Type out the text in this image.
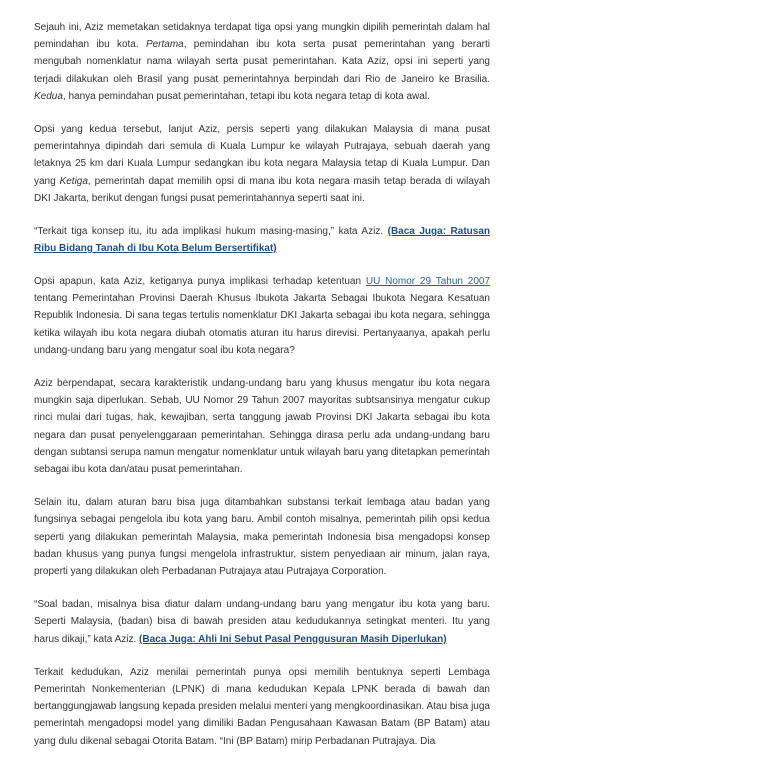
Sejauh ini, Aziz memetakan setidaknya terdapat tiga opsi yang mungkin dipilih pemerintah dalam hal pemindahan ibu kota. Pertama, pemindahan ibu kota serta pusat pemerintahan yang berarti mengubah nomenklatur nama wilayah serta pusat pemerintahan. Kata Aziz, opsi ini seperti yang terjadi dilakukan oleh Brasil yang pusat pemerintahnya berpindah dari Rio de Janeiro ke Brasilia. Kedua, hanya pemindahan pusat pemerintahan, tetapi ibu kota negara tetap di kota awal.

Opsi yang kedua tersebut, lanjut Aziz, persis seperti yang dilakukan Malaysia di mana pusat pemerintahnya dipindah dari semula di Kuala Lumpur ke wilayah Putrajaya, sebuah daerah yang letaknya 25 km dari Kuala Lumpur sedangkan ibu kota negara Malaysia tetap di Kuala Lumpur. Dan yang Ketiga, pemerintah dapat memilih opsi di mana ibu kota negara masih tetap berada di wilayah DKI Jakarta, berikut dengan fungsi pusat pemerintahannya seperti saat ini.

“Terkait tiga konsep itu, itu ada implikasi hukum masing-masing,” kata Aziz. (Baca Juga: Ratusan Ribu Bidang Tanah di Ibu Kota Belum Bersertifikat)

Opsi apapun, kata Aziz, ketiganya punya implikasi terhadap ketentuan UU Nomor 29 Tahun 2007 tentang Pemerintahan Provinsi Daerah Khusus Ibukota Jakarta Sebagai Ibukota Negara Kesatuan Republik Indonesia. Di sana tegas tertulis nomenklatur DKI Jakarta sebagai ibu kota negara, sehingga ketika wilayah ibu kota negara diubah otomatis aturan itu harus direvisi. Pertanyaanya, apakah perlu undang-undang baru yang mengatur soal ibu kota negara?

Aziz berpendapat, secara karakteristik undang-undang baru yang khusus mengatur ibu kota negara mungkin saja diperlukan. Sebab, UU Nomor 29 Tahun 2007 mayoritas subtsansinya mengatur cukup rinci mulai dari tugas, hak, kewajiban, serta tanggung jawab Provinsi DKI Jakarta sebagai ibu kota negara dan pusat penyelenggaraan pemerintahan. Sehingga dirasa perlu ada undang-undang baru dengan subtansi serupa namun mengatur nomenklatur untuk wilayah baru yang ditetapkan pemerintah sebagai ibu kota dan/atau pusat pemerintahan.

Selain itu, dalam aturan baru bisa juga ditambahkan substansi terkait lembaga atau badan yang fungsinya sebagai pengelola ibu kota yang baru. Ambil contoh misalnya, pemerintah pilih opsi kedua seperti yang dilakukan pemerintah Malaysia, maka pemerintah Indonesia bisa mengadopsi konsep badan khusus yang punya fungsi mengelola infrastruktur, sistem penyediaan air minum, jalan raya, properti yang dilakukan oleh Perbadanan Putrajaya atau Putrajaya Corporation.

“Soal badan, misalnya bisa diatur dalam undang-undang baru yang mengatur ibu kota yang baru. Seperti Malaysia, (badan) bisa di bawah presiden atau kedudukannya setingkat menteri. Itu yang harus dikaji,” kata Aziz. (Baca Juga: Ahli Ini Sebut Pasal Penggusuran Masih Diperlukan)

Terkait kedudukan, Aziz menilai pemerintah punya opsi memilih bentuknya seperti Lembaga Pemerintah Nonkementerian (LPNK) di mana kedudukan Kepala LPNK berada di bawah dan bertanggungjawab langsung kepada presiden melalui menteri yang mengkoordinasikan. Atau bisa juga pemerintah mengadopsi model yang dimiliki Badan Pengusahaan Kawasan Batam (BP Batam) atau yang dulu dikenal sebagai Otorita Batam. “Ini (BP Batam) mirip Perbadanan Putrajaya. Dia
